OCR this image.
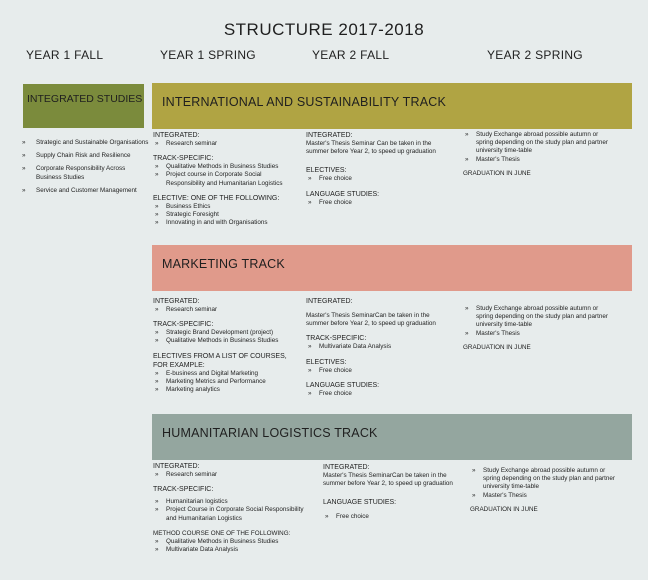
STRUCTURE 2017-2018
YEAR 1 FALL	YEAR 1 SPRING	YEAR 2 FALL	YEAR 2 SPRING
INTEGRATED STUDIES
» Strategic and Sustainable Organisations
» Supply Chain Risk and Resilience
» Corporate Responsibility Across Business Studies
» Service and Customer Management
INTERNATIONAL AND SUSTAINABILITY TRACK
INTEGRATED:
» Research seminar
TRACK-SPECIFIC:
» Qualitative Methods in Business Studies
» Project course in Corporate Social Responsibility and Humanitarian Logistics
ELECTIVE: ONE OF THE FOLLOWING:
» Business Ethics
» Strategic Foresight
» Innovating in and with Organisations
INTEGRATED:
Master's Thesis Seminar Can be taken in the summer before Year 2, to speed up graduation
ELECTIVES:
» Free choice
LANGUAGE STUDIES:
» Free choice
» Study Exchange abroad possible autumn or spring depending on the study plan and partner university time-table
» Master's Thesis
GRADUATION IN JUNE
MARKETING TRACK
INTEGRATED:
» Research seminar
TRACK-SPECIFIC:
» Strategic Brand Development (project)
» Qualitative Methods in Business Studies
ELECTIVES FROM A LIST OF COURSES, FOR EXAMPLE:
» E-business and Digital Marketing
» Marketing Metrics and Performance
» Marketing analytics
INTEGRATED:
Master's Thesis SeminarCan be taken in the summer before Year 2, to speed up graduation
TRACK-SPECIFIC:
» Multivariate Data Analysis
ELECTIVES:
» Free choice
LANGUAGE STUDIES:
» Free choice
» Study Exchange abroad possible autumn or spring depending on the study plan and partner university time-table
» Master's Thesis
GRADUATION IN JUNE
HUMANITARIAN LOGISTICS TRACK
INTEGRATED:
» Research seminar
TRACK-SPECIFIC:
» Humanitarian logistics
» Project Course in Corporate Social Responsibility and Humanitarian Logistics
METHOD COURSE ONE OF THE FOLLOWING:
» Qualitative Methods in Business Studies
» Multivariate Data Analysis
INTEGRATED:
Master's Thesis SeminarCan be taken in the summer before Year 2, to speed up graduation
LANGUAGE STUDIES:
» Free choice
» Study Exchange abroad possible autumn or spring depending on the study plan and partner university time-table
» Master's Thesis
GRADUATION IN JUNE
